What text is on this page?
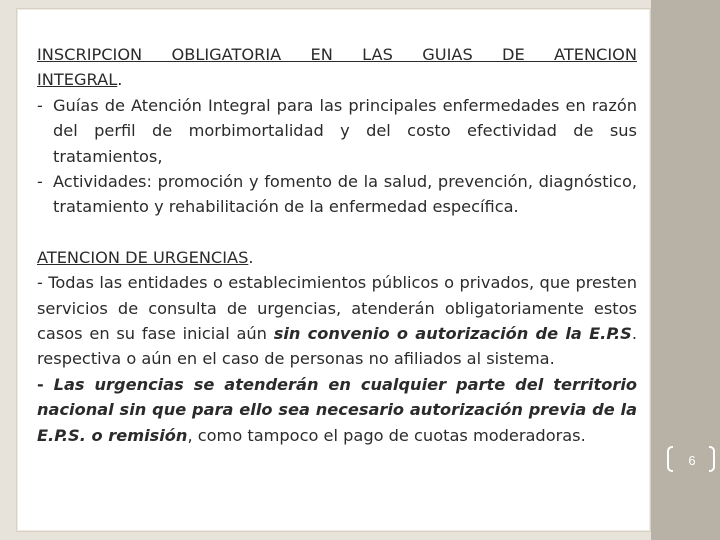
INSCRIPCION OBLIGATORIA EN LAS GUIAS DE ATENCION
INTEGRAL.
- Guías de Atención Integral para las principales enfermedades en razón del perfil de morbimortalidad y del costo efectividad de sus tratamientos,
- Actividades: promoción y fomento de la salud, prevención, diagnóstico, tratamiento y rehabilitación de la enfermedad específica.
ATENCION DE URGENCIAS.
- Todas las entidades o establecimientos públicos o privados, que presten servicios de consulta de urgencias, atenderán obligatoriamente estos casos en su fase inicial aún sin convenio o autorización de la E.P.S. respectiva o aún en el caso de personas no afiliados al sistema.
- Las urgencias se atenderán en cualquier parte del territorio nacional sin que para ello sea necesario autorización previa de la E.P.S. o remisión, como tampoco el pago de cuotas moderadoras.
6
